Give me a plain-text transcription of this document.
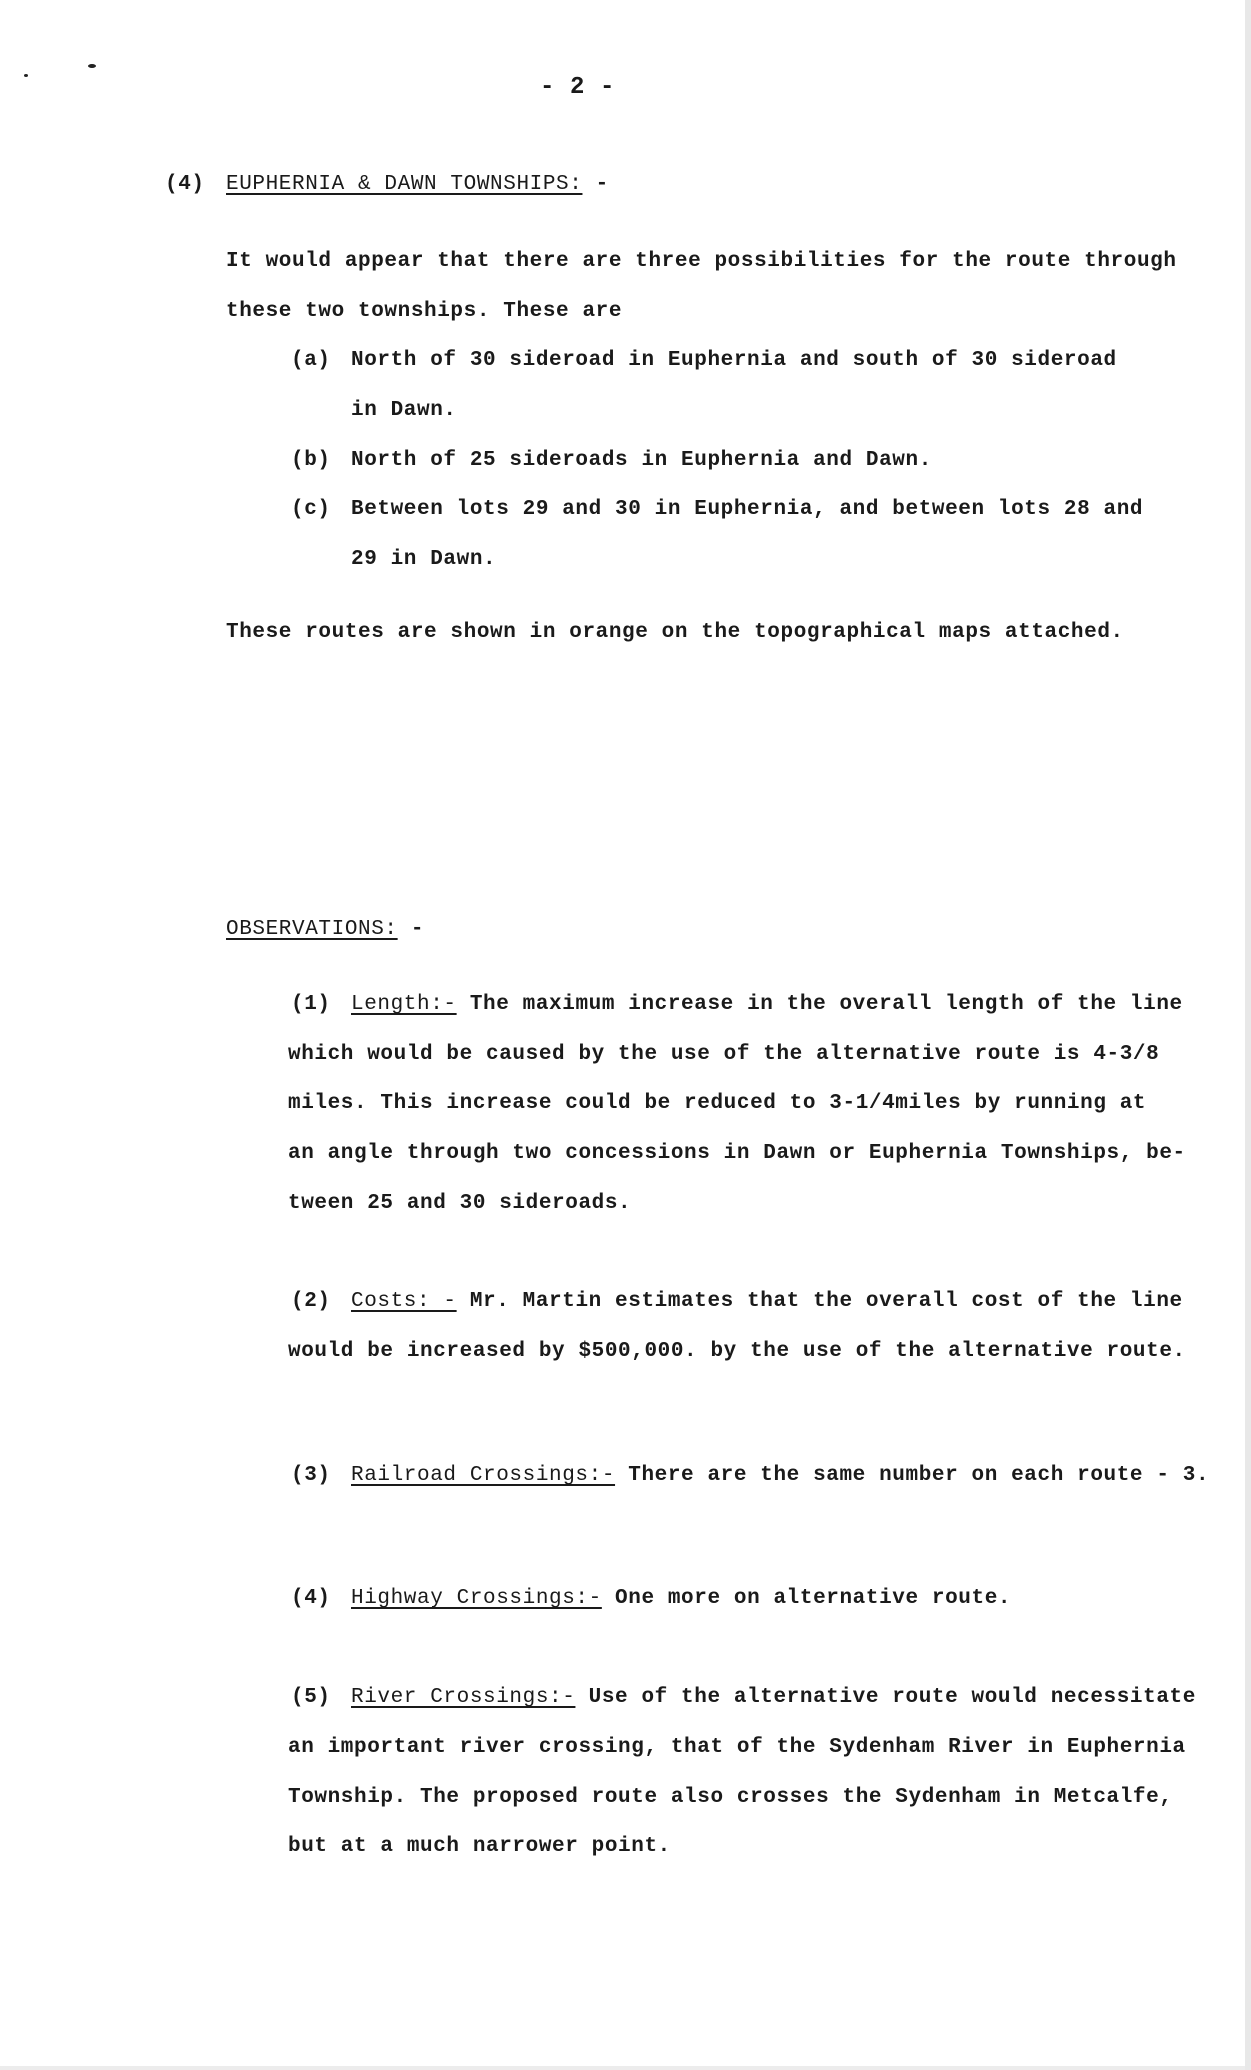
- 2 -
(4) EUPHERNIA & DAWN TOWNSHIPS: -
It would appear that there are three possibilities for the route through
these two townships. These are
(a) North of 30 sideroad in Euphernia and south of 30 sideroad
in Dawn.
(b) North of 25 sideroads in Euphernia and Dawn.
(c) Between lots 29 and 30 in Euphernia, and between lots 28 and
29 in Dawn.
These routes are shown in orange on the topographical maps attached.
OBSERVATIONS: -
(1) Length:- The maximum increase in the overall length of the line
which would be caused by the use of the alternative route is 4-3/8
miles. This increase could be reduced to 3-1/4miles by running at
an angle through two concessions in Dawn or Euphernia Townships, be-
tween 25 and 30 sideroads.
(2) Costs: - Mr. Martin estimates that the overall cost of the line
would be increased by $500,000. by the use of the alternative route.
(3) Railroad Crossings:- There are the same number on each route - 3.
(4) Highway Crossings:- One more on alternative route.
(5) River Crossings:- Use of the alternative route would necessitate
an important river crossing, that of the Sydenham River in Euphernia
Township. The proposed route also crosses the Sydenham in Metcalfe,
but at a much narrower point.
